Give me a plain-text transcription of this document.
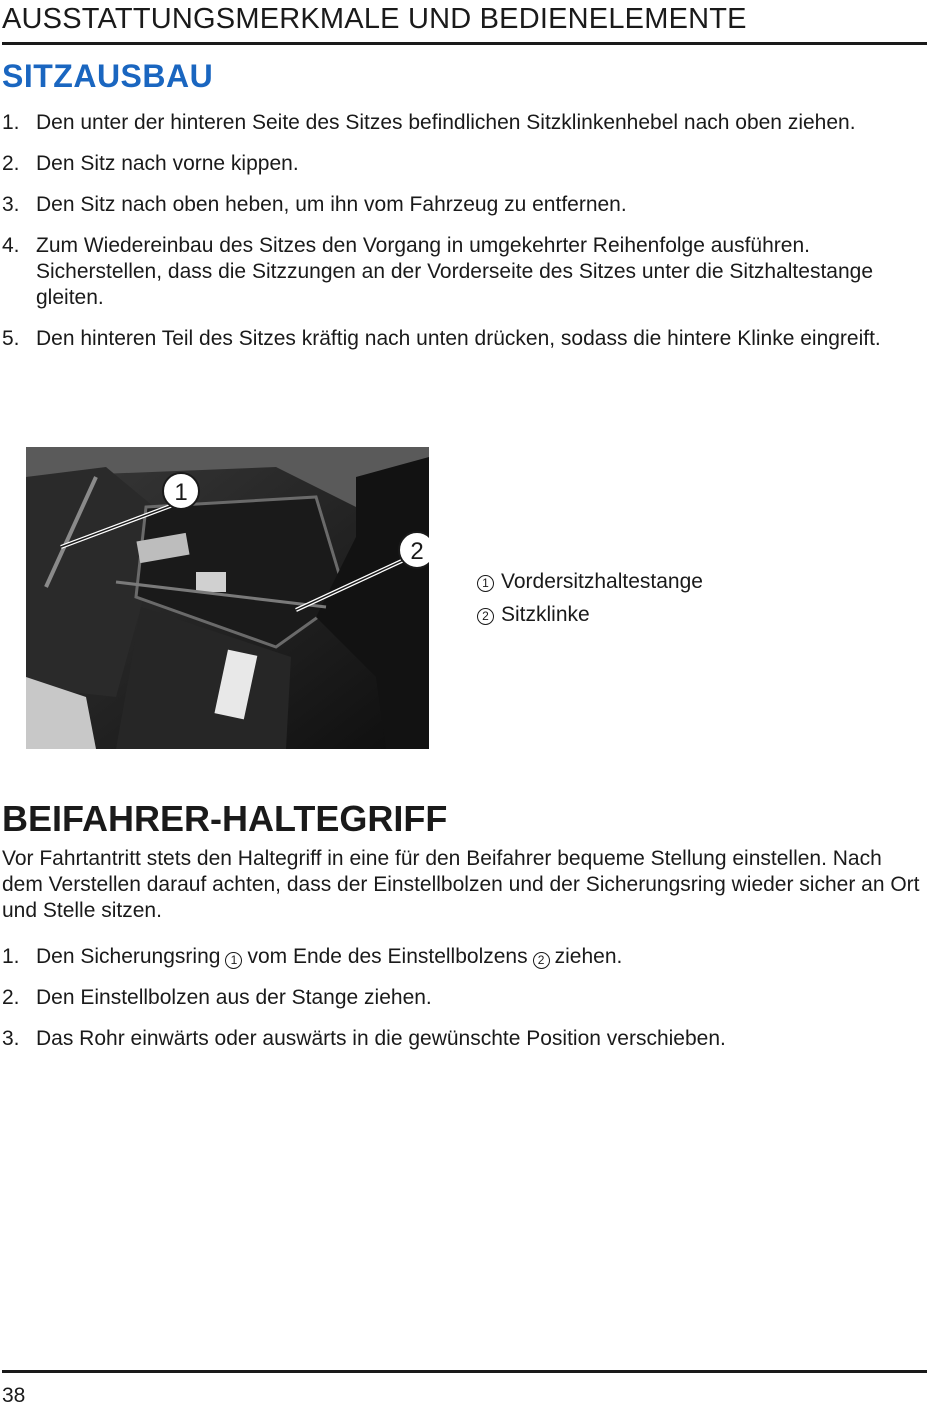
AUSSTATTUNGSMERKMALE UND BEDIENELEMENTE
SITZAUSBAU
1. Den unter der hinteren Seite des Sitzes befindlichen Sitzklinkenhebel nach oben ziehen.
2. Den Sitz nach vorne kippen.
3. Den Sitz nach oben heben, um ihn vom Fahrzeug zu entfernen.
4. Zum Wiedereinbau des Sitzes den Vorgang in umgekehrter Reihenfolge ausführen. Sicherstellen, dass die Sitzzungen an der Vorderseite des Sitzes unter die Sitzhaltestange gleiten.
5. Den hinteren Teil des Sitzes kräftig nach unten drücken, sodass die hintere Klinke eingreift.
1
2
1 Vordersitzhaltestange
2 Sitzklinke
BEIFAHRER-HALTEGRIFF
Vor Fahrtantritt stets den Haltegriff in eine für den Beifahrer bequeme Stellung einstellen. Nach dem Verstellen darauf achten, dass der Einstellbolzen und der Sicherungsring wieder sicher an Ort und Stelle sitzen.
1. Den Sicherungsring 1 vom Ende des Einstellbolzens 2 ziehen.
2. Den Einstellbolzen aus der Stange ziehen.
3. Das Rohr einwärts oder auswärts in die gewünschte Position verschieben.
38
